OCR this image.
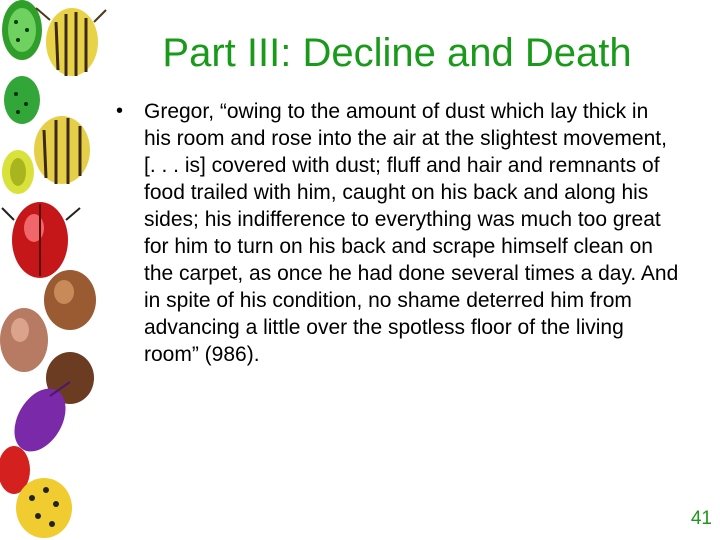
Part III: Decline and Death
• Gregor, “owing to the amount of dust which lay thick in his room and rose into the air at the slightest movement, [. . . is] covered with dust; fluff and hair and remnants of food trailed with him, caught on his back and along his sides; his indifference to everything was much too great for him to turn on his back and scrape himself clean on the carpet, as once he had done several times a day. And in spite of his condition, no shame deterred him from advancing a little over the spotless floor of the living room” (986).
41
